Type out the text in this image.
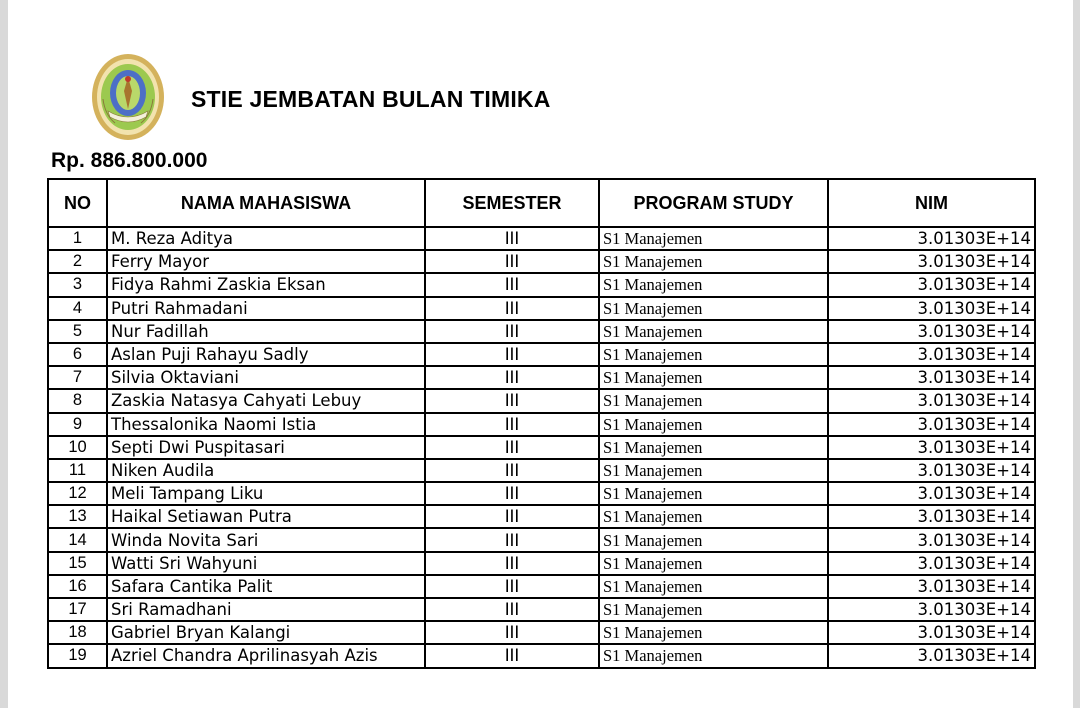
STIE JEMBATAN BULAN TIMIKA
Rp. 886.800.000
NO	NAMA MAHASISWA	SEMESTER	PROGRAM STUDY	NIM
1	M. Reza Aditya	III	S1 Manajemen	3.01303E+14
2	Ferry Mayor	III	S1 Manajemen	3.01303E+14
3	Fidya Rahmi Zaskia Eksan	III	S1 Manajemen	3.01303E+14
4	Putri Rahmadani	III	S1 Manajemen	3.01303E+14
5	Nur Fadillah	III	S1 Manajemen	3.01303E+14
6	Aslan Puji Rahayu Sadly	III	S1 Manajemen	3.01303E+14
7	Silvia Oktaviani	III	S1 Manajemen	3.01303E+14
8	Zaskia Natasya Cahyati Lebuy	III	S1 Manajemen	3.01303E+14
9	Thessalonika Naomi Istia	III	S1 Manajemen	3.01303E+14
10	Septi Dwi Puspitasari	III	S1 Manajemen	3.01303E+14
11	Niken Audila	III	S1 Manajemen	3.01303E+14
12	Meli Tampang Liku	III	S1 Manajemen	3.01303E+14
13	Haikal Setiawan Putra	III	S1 Manajemen	3.01303E+14
14	Winda Novita Sari	III	S1 Manajemen	3.01303E+14
15	Watti Sri Wahyuni	III	S1 Manajemen	3.01303E+14
16	Safara Cantika Palit	III	S1 Manajemen	3.01303E+14
17	Sri Ramadhani	III	S1 Manajemen	3.01303E+14
18	Gabriel Bryan Kalangi	III	S1 Manajemen	3.01303E+14
19	Azriel Chandra Aprilinasyah Azis	III	S1 Manajemen	3.01303E+14
